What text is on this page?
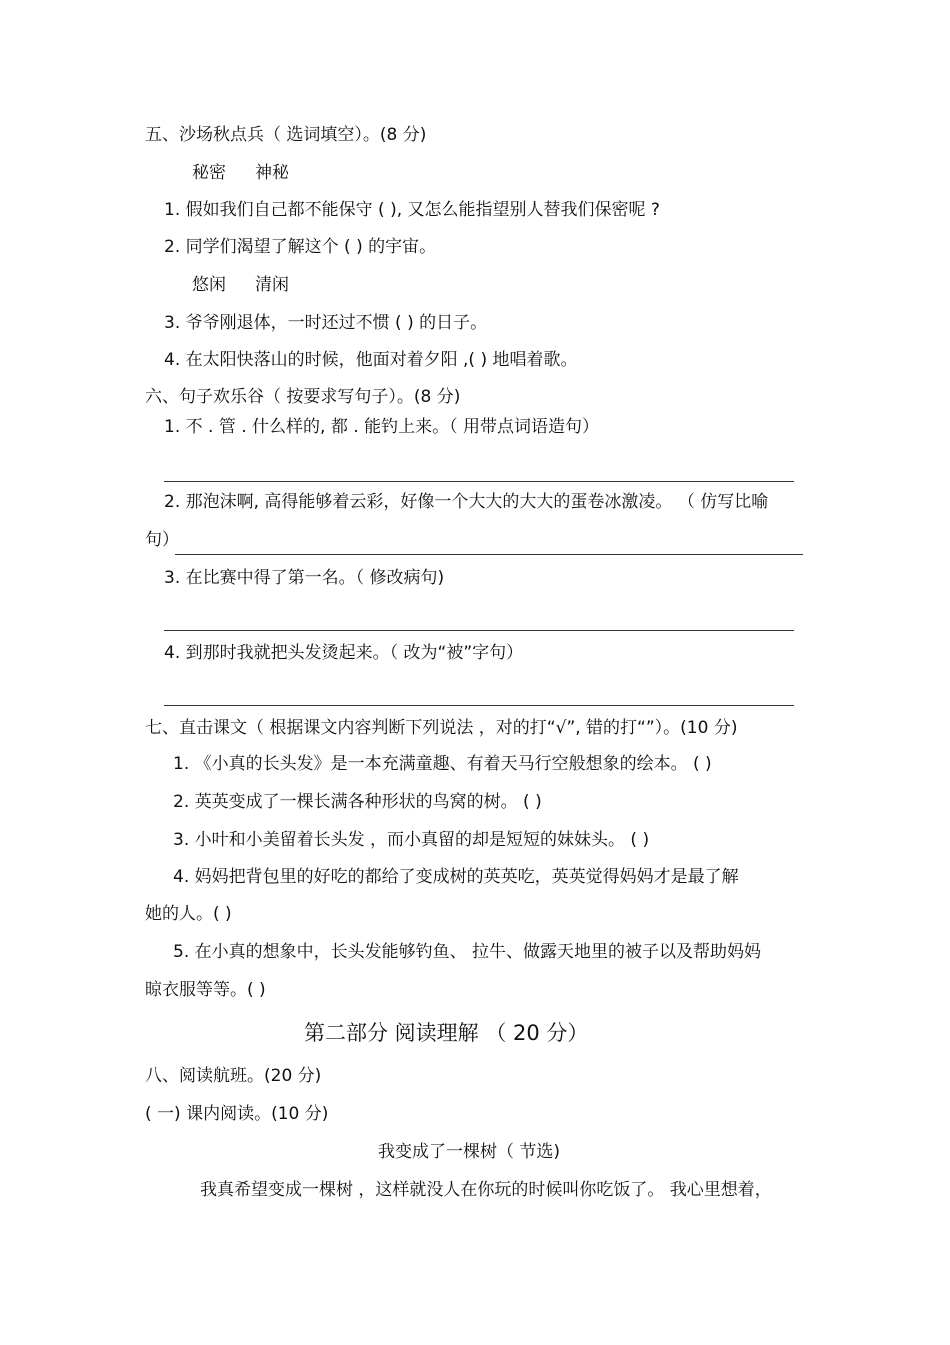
五、沙场秋点兵（ 选词填空）。(8 分)
秘密 神秘
1. 假如我们自己都不能保守 ( ), 又怎么能指望别人替我们保密呢 ?
2. 同学们渴望了解这个 ( ) 的宇宙。
悠闲 清闲
3. 爷爷刚退体，一时还过不惯 ( ) 的日子。
4. 在太阳快落山的时候，他面对着夕阳 ,( ) 地唱着歌。
六、句子欢乐谷（ 按要求写句子）。(8 分)
1. 不 . 管 . 什么样的, 都 . 能钓上来。（ 用带点词语造句）
2. 那泡沫啊, 高得能够着云彩，好像一个大大的大大的蛋卷冰激凌。 （ 仿写比喻
句）
3. 在比赛中得了第一名。（ 修改病句)
4. 到那时我就把头发烫起来。（ 改为“被”字句）
七、直击课文（ 根据课文内容判断下列说法 ，对的打“√”, 错的打“”）。(10 分)
1. 《小真的长头发》是一本充满童趣、有着天马行空般想象的绘本。 ( )
2. 英英变成了一棵长满各种形状的鸟窝的树。 ( )
3. 小叶和小美留着长头发 ，而小真留的却是短短的妹妹头。 ( )
4. 妈妈把背包里的好吃的都给了变成树的英英吃，英英觉得妈妈才是最了解
她的人。( )
5. 在小真的想象中，长头发能够钓鱼、 拉牛、做露天地里的被子以及帮助妈妈
晾衣服等等。( )
第二部分 阅读理解 （ 20 分）
八、阅读航班。(20 分)
( 一) 课内阅读。(10 分)
我变成了一棵树（ 节选)
我真希望变成一棵树 ，这样就没人在你玩的时候叫你吃饭了。 我心里想着，
